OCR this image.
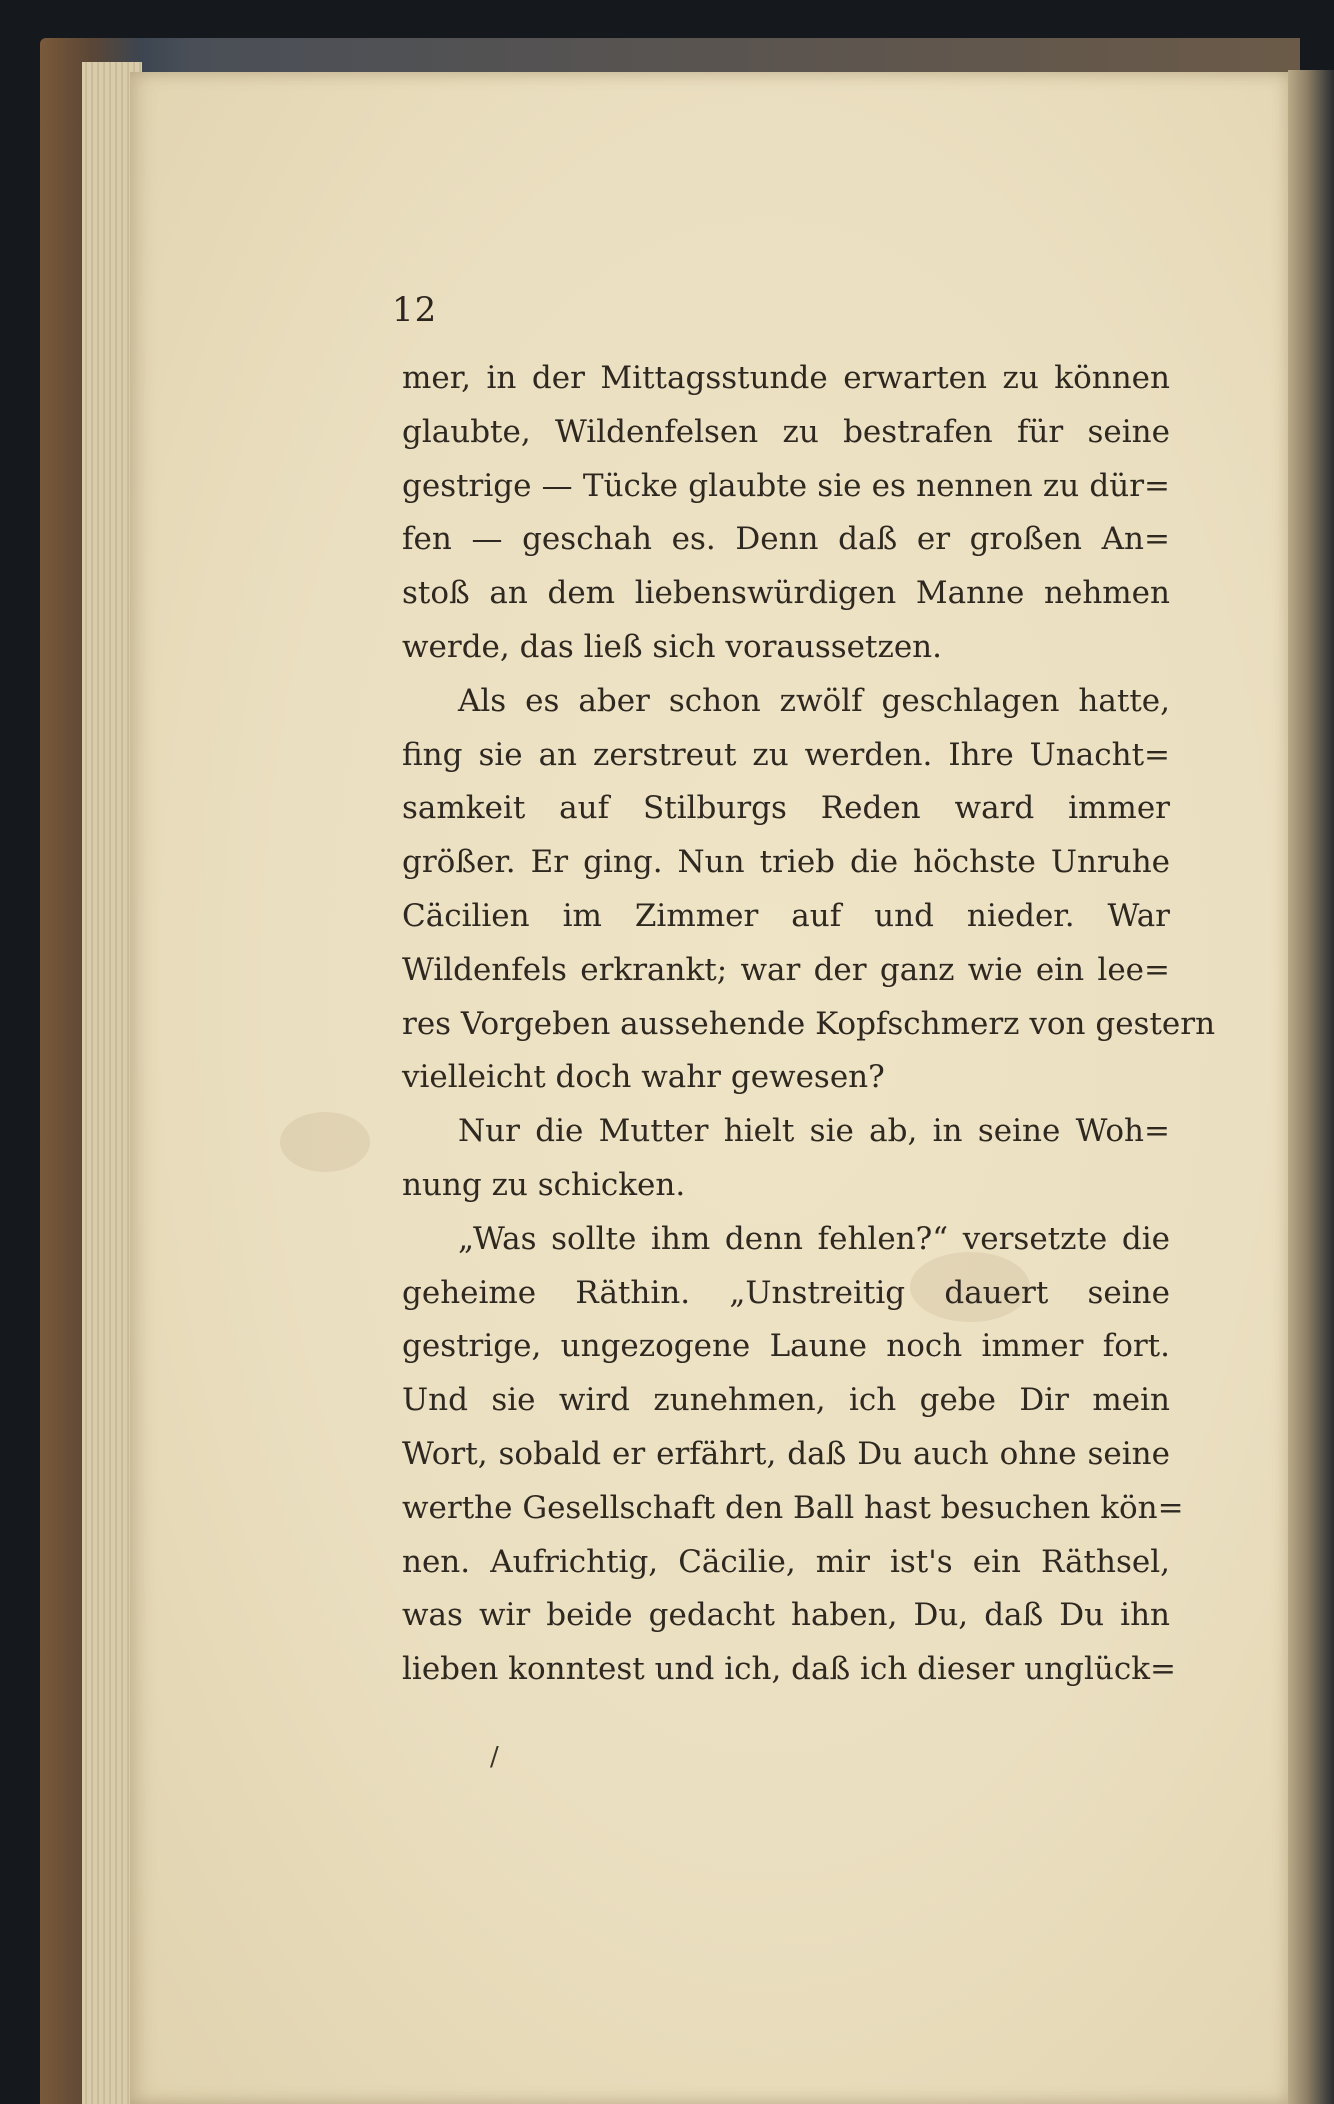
12
mer, in der Mittagsstunde erwarten zu können
glaubte, Wildenfelsen zu bestrafen für seine
gestrige — Tücke glaubte sie es nennen zu dür=
fen — geschah es. Denn daß er großen An=
stoß an dem liebenswürdigen Manne nehmen
werde, das ließ sich voraussetzen.
Als es aber schon zwölf geschlagen hatte,
fing sie an zerstreut zu werden. Ihre Unacht=
samkeit auf Stilburgs Reden ward immer
größer. Er ging. Nun trieb die höchste Unruhe
Cäcilien im Zimmer auf und nieder. War
Wildenfels erkrankt; war der ganz wie ein lee=
res Vorgeben aussehende Kopfschmerz von gestern
vielleicht doch wahr gewesen?
Nur die Mutter hielt sie ab, in seine Woh=
nung zu schicken.
„Was sollte ihm denn fehlen?“ versetzte die
geheime Räthin. „Unstreitig dauert seine
gestrige, ungezogene Laune noch immer fort.
Und sie wird zunehmen, ich gebe Dir mein
Wort, sobald er erfährt, daß Du auch ohne seine
werthe Gesellschaft den Ball hast besuchen kön=
nen. Aufrichtig, Cäcilie, mir ist's ein Räthsel,
was wir beide gedacht haben, Du, daß Du ihn
lieben konntest und ich, daß ich dieser unglück=
/
